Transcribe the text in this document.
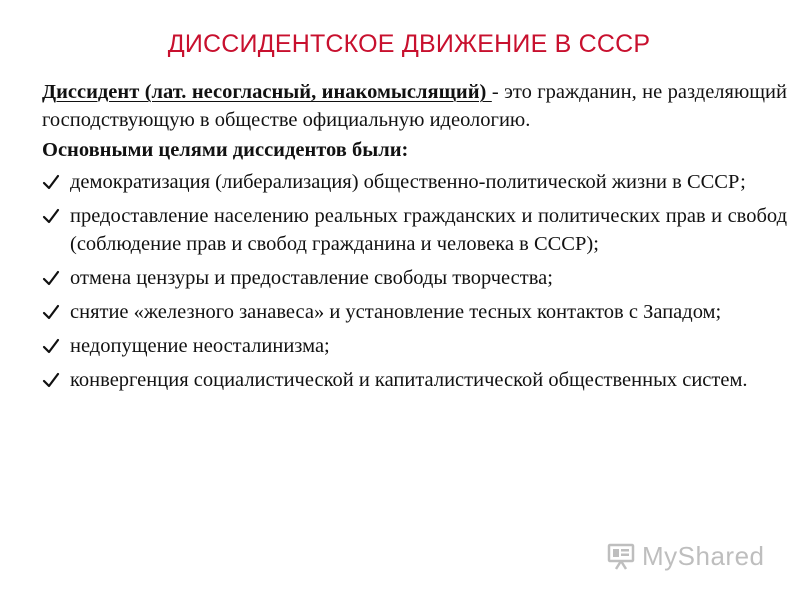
ДИССИДЕНТСКОЕ ДВИЖЕНИЕ В СССР
Диссидент (лат. несогласный, инакомыслящий) - это гражданин, не разделяющий господствующую в обществе официальную идеологию.
Основными целями диссидентов были:
демократизация (либерализация) общественно-политической жизни в СССР;
предоставление населению реальных гражданских и политических прав и свобод (соблюдение прав и свобод гражданина и человека в СССР);
отмена цензуры и предоставление свободы творчества;
снятие «железного занавеса» и установление тесных контактов с Западом;
недопущение неосталинизма;
конвергенция социалистической и капиталистической общественных систем.
MyShared
